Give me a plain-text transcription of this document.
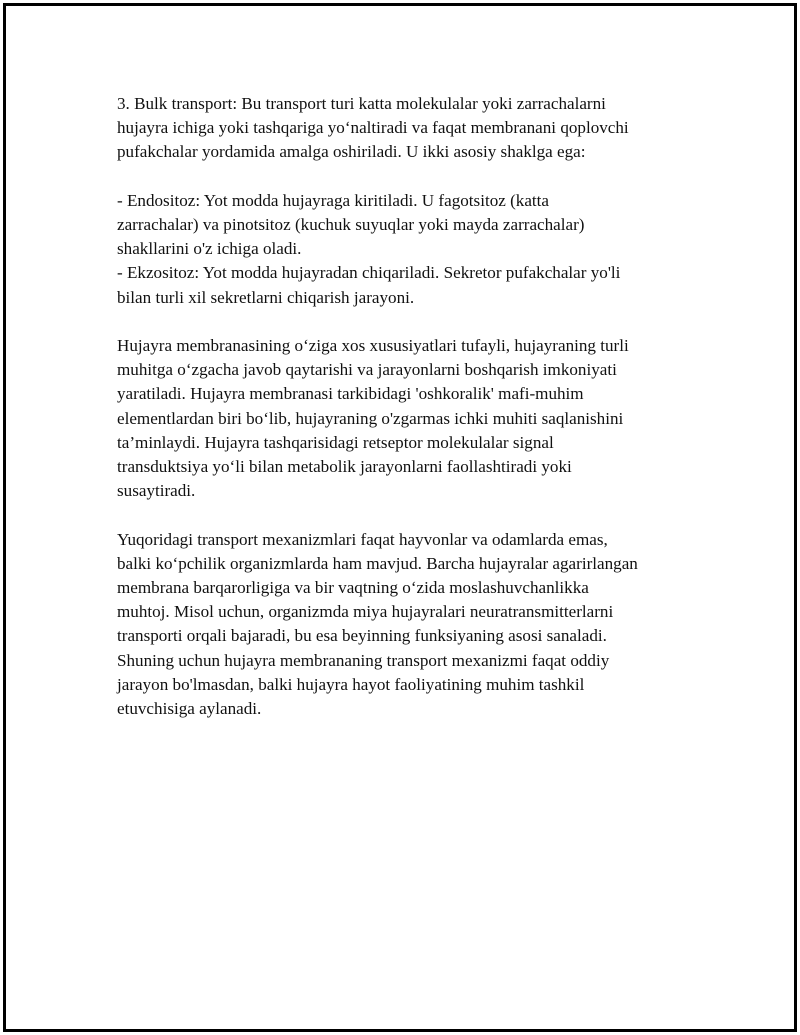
3. Bulk transport: Bu transport turi katta molekulalar yoki zarrachalarni
hujayra ichiga yoki tashqariga yo‘naltiradi va faqat membranani qoplovchi
pufakchalar yordamida amalga oshiriladi. U ikki asosiy shaklga ega:

- Endositoz: Yot modda hujayraga kiritiladi. U fagotsitoz (katta
zarrachalar) va pinotsitoz (kuchuk suyuqlar yoki mayda zarrachalar)
shakllarini o'z ichiga oladi.

- Ekzositoz: Yot modda hujayradan chiqariladi. Sekretor pufakchalar yo'li
bilan turli xil sekretlarni chiqarish jarayoni.

Hujayra membranasining o‘ziga xos xususiyatlari tufayli, hujayraning turli
muhitga o‘zgacha javob qaytarishi va jarayonlarni boshqarish imkoniyati
yaratiladi. Hujayra membranasi tarkibidagi 'oshkoralik' mafi-muhim
elementlardan biri bo‘lib, hujayraning o'zgarmas ichki muhiti saqlanishini
ta’minlaydi. Hujayra tashqarisidagi retseptor molekulalar signal
transduktsiya yo‘li bilan metabolik jarayonlarni faollashtiradi yoki
susaytiradi.

Yuqoridagi transport mexanizmlari faqat hayvonlar va odamlarda emas,
balki ko‘pchilik organizmlarda ham mavjud. Barcha hujayralar agarirlangan
membrana barqarorligiga va bir vaqtning o‘zida moslashuvchanlikka
muhtoj. Misol uchun, organizmda miya hujayralari neuratransmitterlarni
transporti orqali bajaradi, bu esa beyinning funksiyaning asosi sanaladi.
Shuning uchun hujayra membrananing transport mexanizmi faqat oddiy
jarayon bo'lmasdan, balki hujayra hayot faoliyatining muhim tashkil
etuvchisiga aylanadi.
